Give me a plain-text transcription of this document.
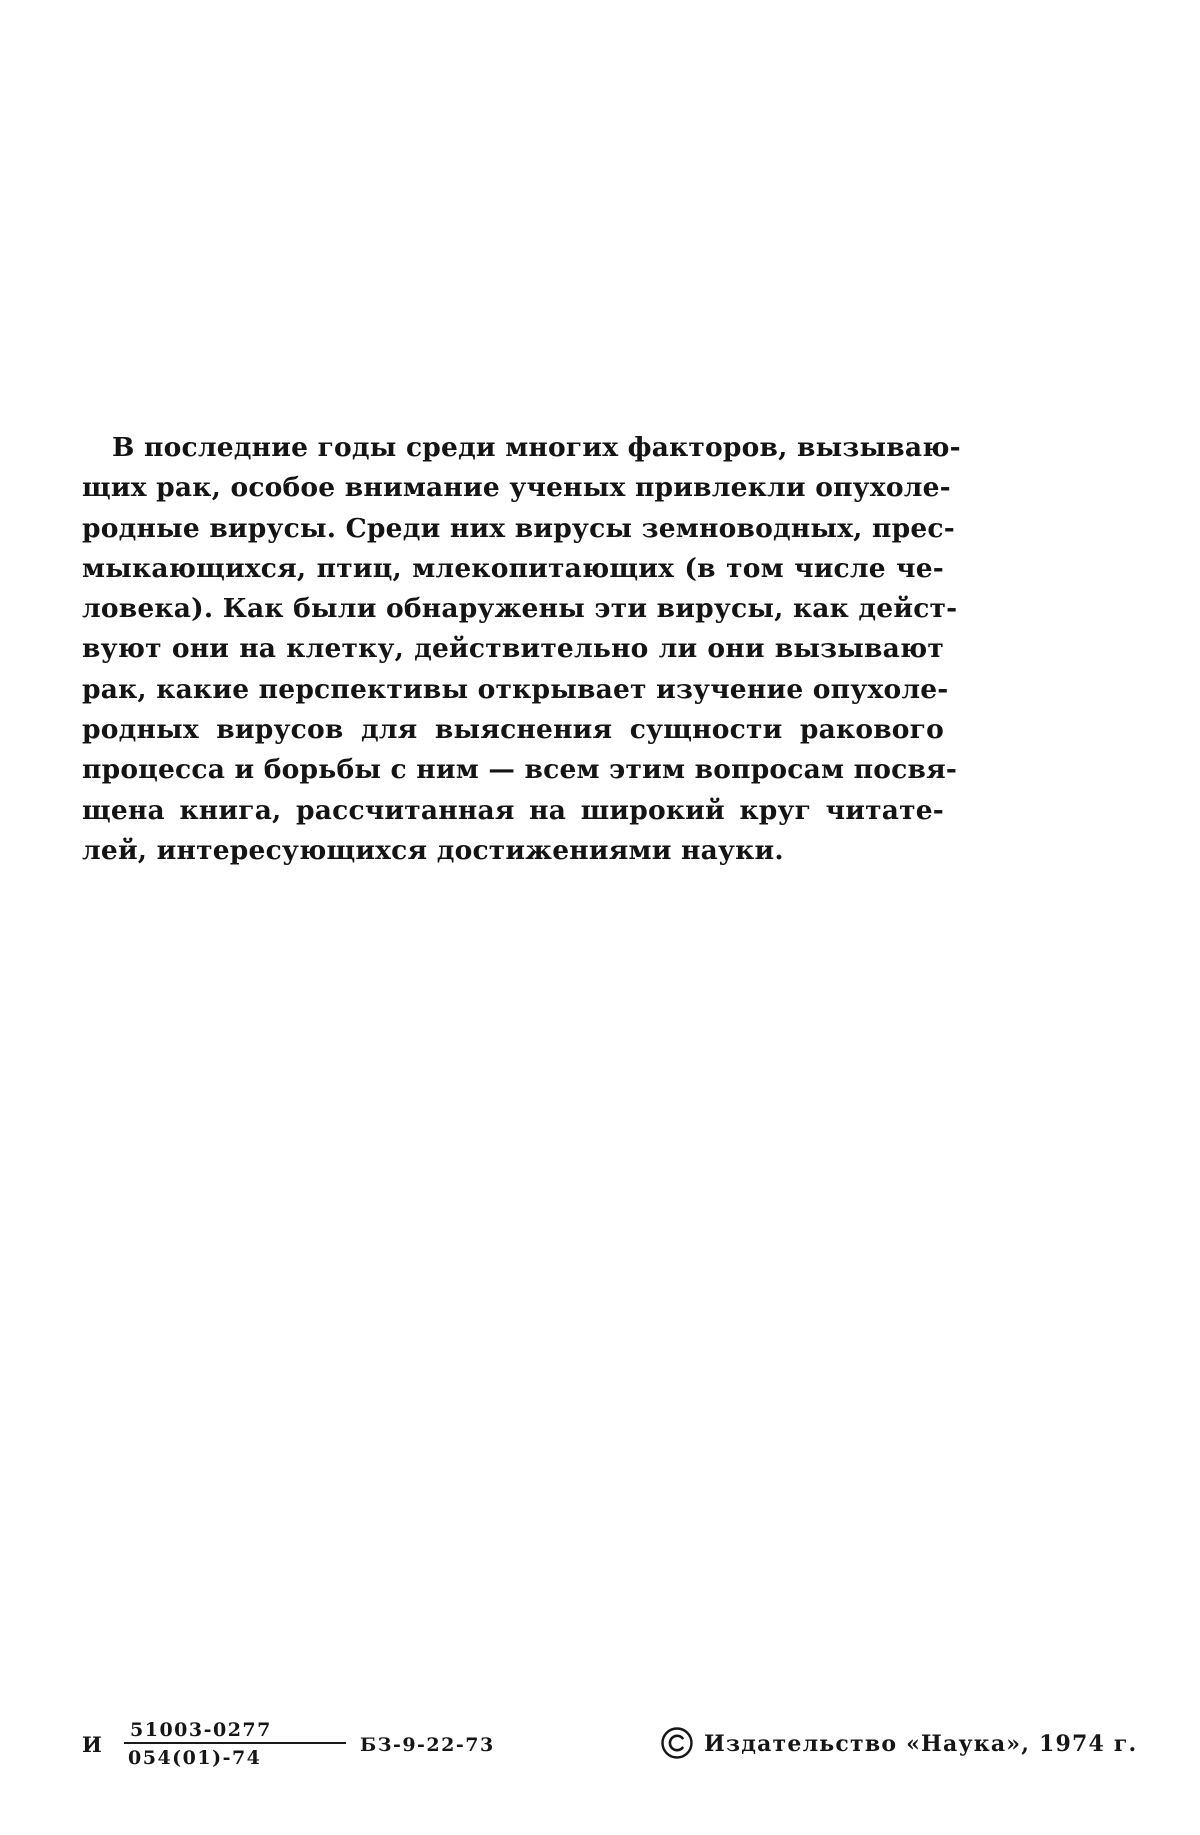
В последние годы среди многих факторов, вызываю-
щих рак, особое внимание ученых привлекли опухоле-
родные вирусы. Среди них вирусы земноводных, прес-
мыкающихся, птиц, млекопитающих (в том числе че-
ловека). Как были обнаружены эти вирусы, как дейст-
вуют они на клетку, действительно ли они вызывают
рак, какие перспективы открывает изучение опухоле-
родных вирусов для выяснения сущности ракового
процесса и борьбы с ним — всем этим вопросам посвя-
щена книга, рассчитанная на широкий круг читате-
лей, интересующихся достижениями науки.
И $\frac{51003-0277}{054(01)-74} БЗ-9-22-73$	Издательство «Наука», 1974 г.
